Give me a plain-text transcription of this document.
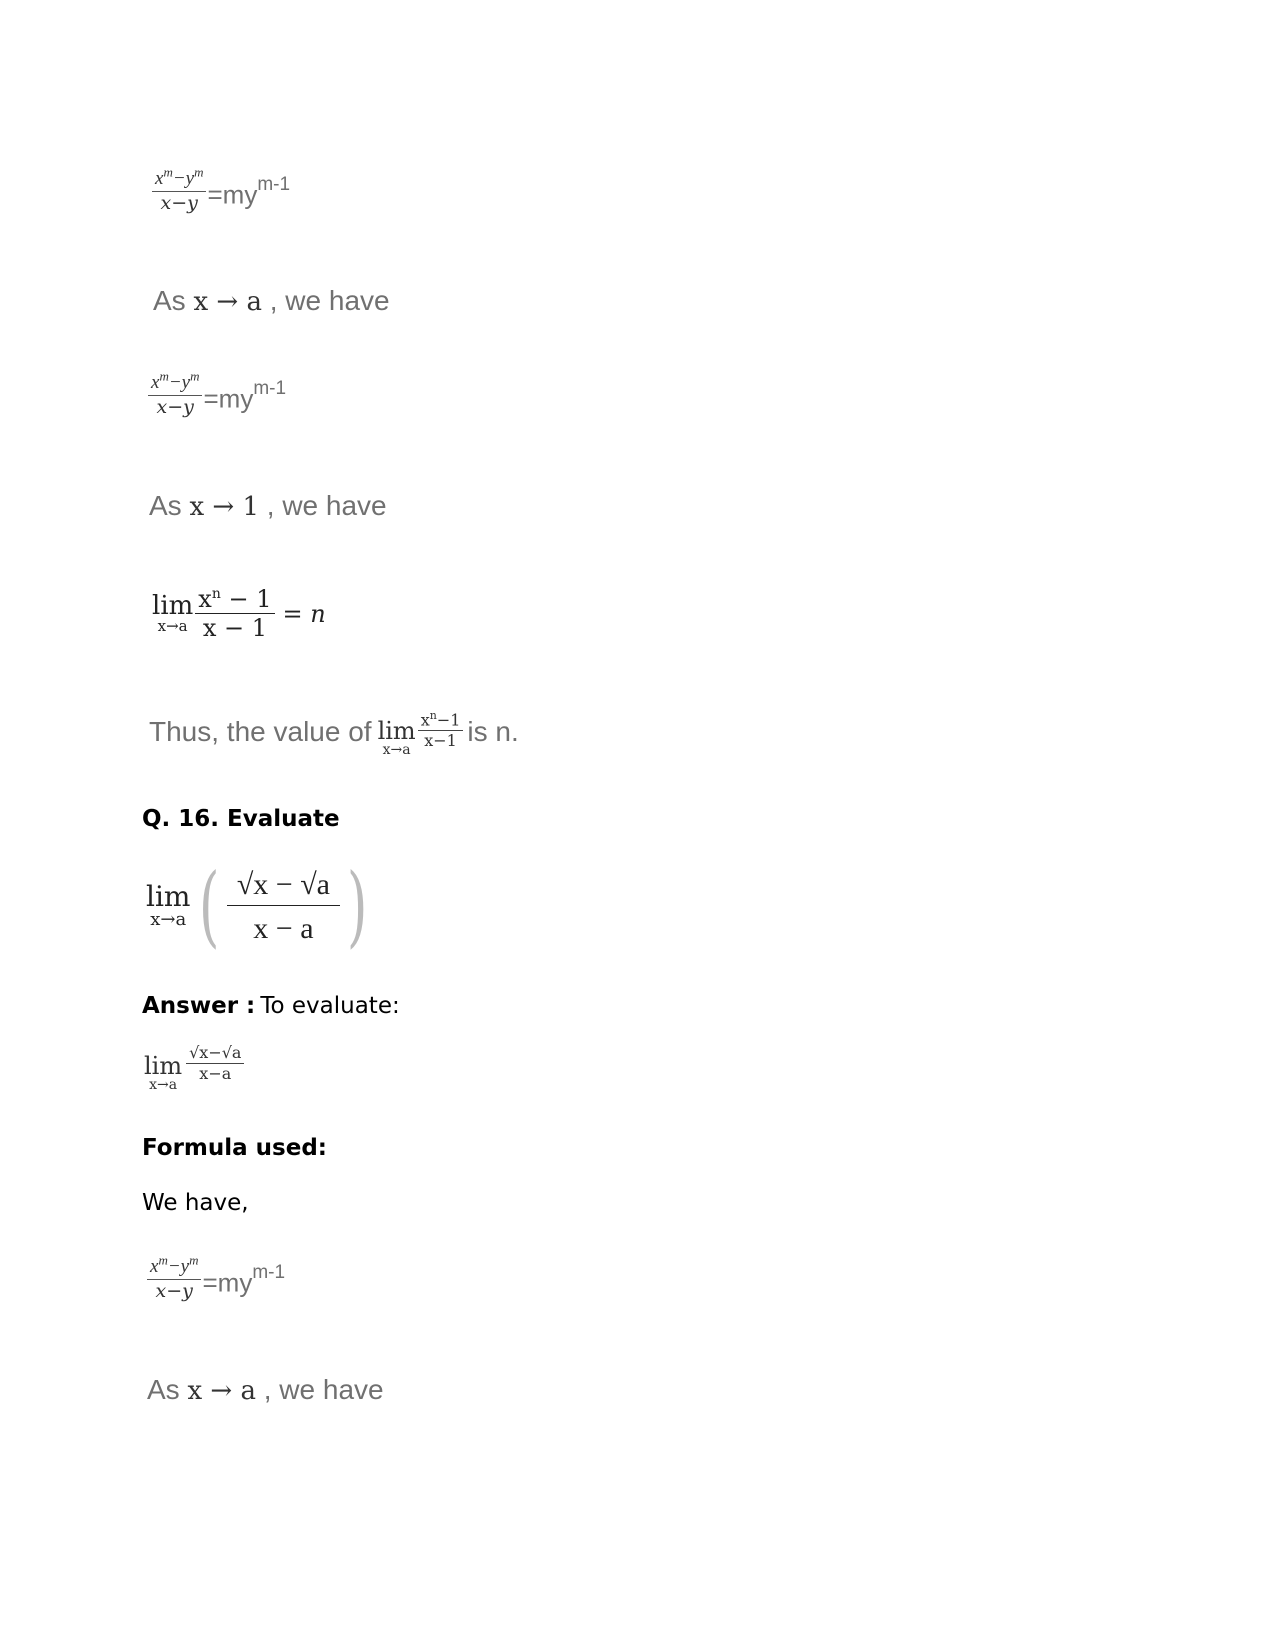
$\frac{x^m-y^m}{x-y} =my^{m-1}$
As x → a , we have
$\frac{x^m-y^m}{x-y} =my^{m-1}$
As x → 1 , we have
lim
$x\to a \frac{x^n - 1}{x - 1} = n$
Thus, the value of lim
x→a
$\frac{x^n-1}{x-1}$ is n.
Q. 16. Evaluate
lim
x→a ( $\frac{√x - √a}{x - a}$ )
Answer : To evaluate:
lim
x→a
$\frac{√x-√a}{x-a}$
Formula used:
We have,
$\frac{x^m-y^m}{x-y} =my^{m-1}$
As x → a , we have
